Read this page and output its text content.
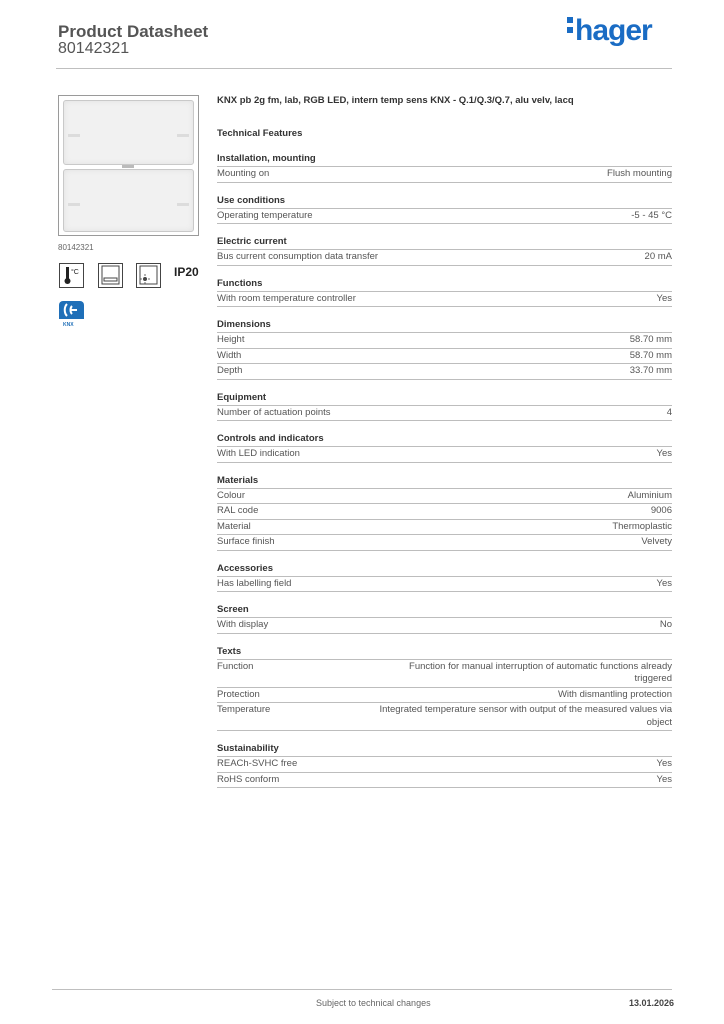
Product Datasheet
80142321
hager
80142321
°C	IP20
KNX
KNX pb 2g fm, lab, RGB LED, intern temp sens KNX - Q.1/Q.3/Q.7, alu velv, lacq
Technical Features
Installation, mounting
Mounting on	Flush mounting
Use conditions
Operating temperature	-5 - 45 °C
Electric current
Bus current consumption data transfer	20 mA
Functions
With room temperature controller	Yes
Dimensions
Height	58.70 mm
Width	58.70 mm
Depth	33.70 mm
Equipment
Number of actuation points	4
Controls and indicators
With LED indication	Yes
Materials
Colour	Aluminium
RAL code	9006
Material	Thermoplastic
Surface finish	Velvety
Accessories
Has labelling field	Yes
Screen
With display	No
Texts
Function	Function for manual interruption of automatic functions already triggered
Protection	With dismantling protection
Temperature	Integrated temperature sensor with output of the measured values via object
Sustainability
REACh-SVHC free	Yes
RoHS conform	Yes
Subject to technical changes	13.01.2026
